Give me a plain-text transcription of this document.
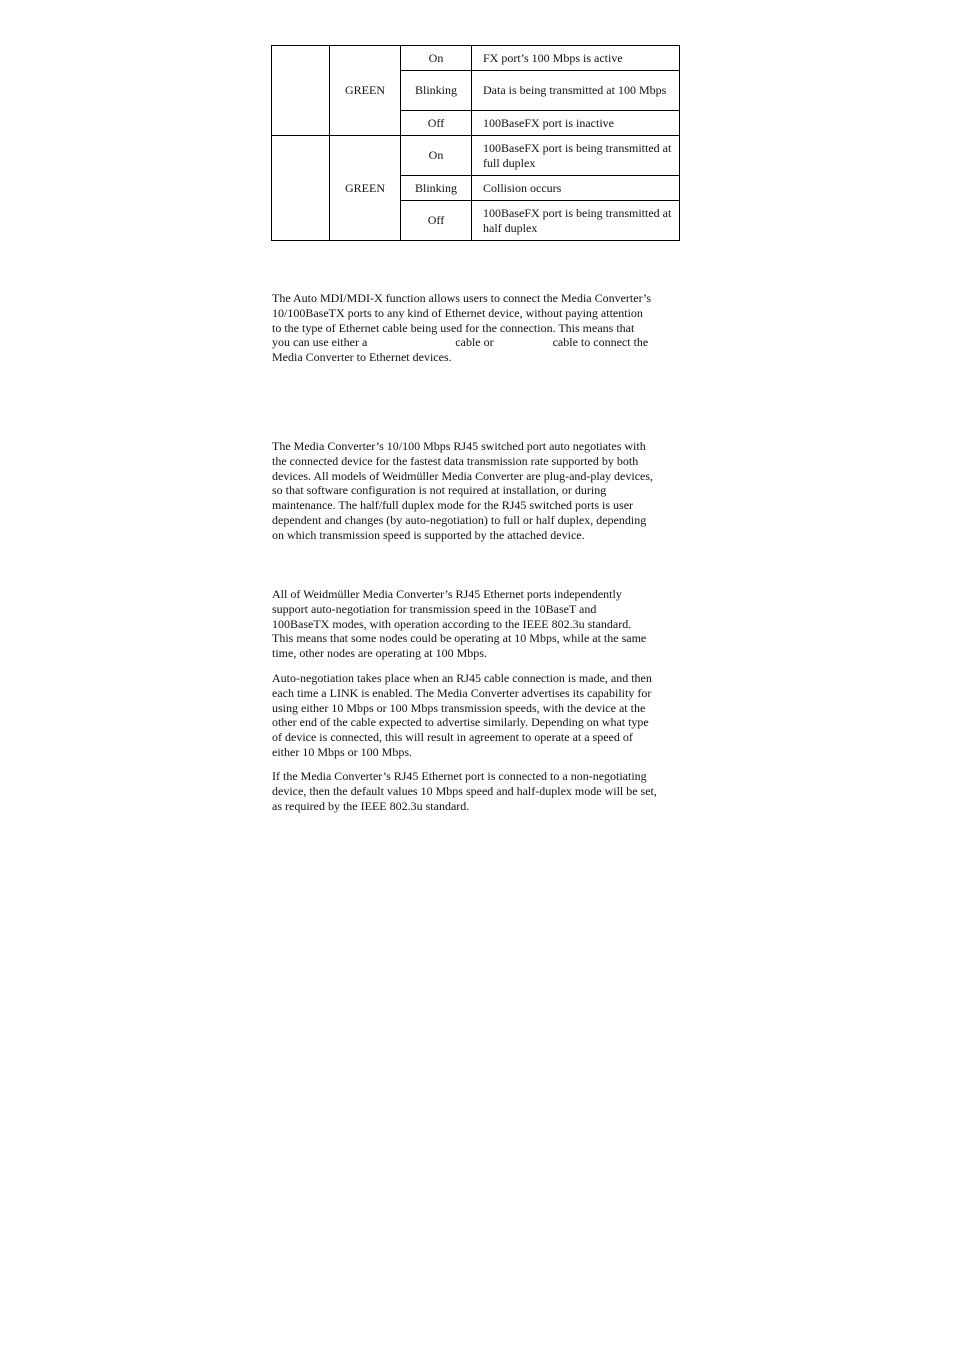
	GREEN	On	FX port’s 100 Mbps is active
		Blinking	Data is being transmitted at 100 Mbps
		Off	100BaseFX port is inactive
	GREEN	On	100BaseFX port is being transmitted at full duplex
		Blinking	Collision occurs
		Off	100BaseFX port is being transmitted at half duplex

The Auto MDI/MDI-X function allows users to connect the Media Converter’s
10/100BaseTX ports to any kind of Ethernet device, without paying attention
to the type of Ethernet cable being used for the connection. This means that
you can use either a	cable or	cable to connect the
Media Converter to Ethernet devices.

The Media Converter’s 10/100 Mbps RJ45 switched port auto negotiates with
the connected device for the fastest data transmission rate supported by both
devices. All models of Weidmüller Media Converter are plug-and-play devices,
so that software configuration is not required at installation, or during
maintenance. The half/full duplex mode for the RJ45 switched ports is user
dependent and changes (by auto-negotiation) to full or half duplex, depending
on which transmission speed is supported by the attached device.

All of Weidmüller Media Converter’s RJ45 Ethernet ports independently
support auto-negotiation for transmission speed in the 10BaseT and
100BaseTX modes, with operation according to the IEEE 802.3u standard.
This means that some nodes could be operating at 10 Mbps, while at the same
time, other nodes are operating at 100 Mbps.

Auto-negotiation takes place when an RJ45 cable connection is made, and then
each time a LINK is enabled. The Media Converter advertises its capability for
using either 10 Mbps or 100 Mbps transmission speeds, with the device at the
other end of the cable expected to advertise similarly. Depending on what type
of device is connected, this will result in agreement to operate at a speed of
either 10 Mbps or 100 Mbps.

If the Media Converter’s RJ45 Ethernet port is connected to a non-negotiating
device, then the default values 10 Mbps speed and half-duplex mode will be set,
as required by the IEEE 802.3u standard.
